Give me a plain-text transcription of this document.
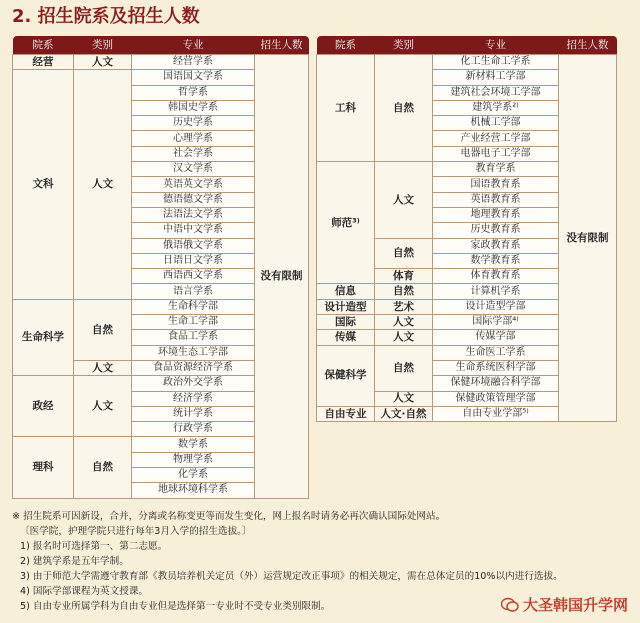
2. 招生院系及招生人数
院系	类别	专业	招生人数
经营	人文	经营学系	没有限制
文科	人文	国语国文学系	
		哲学系	
		韩国史学系	
		历史学系	
		心理学系	
		社会学系	
		汉文学系	
		英语英文学系	
		德语德文学系	
		法语法文学系	
		中语中文学系	
		俄语俄文学系	
		日语日文学系	
		西语西文学系	
		语言学系	
生命科学	自然	生命科学部	
		生命工学部	
		食品工学系	
		环境生态工学部	
	人文	食品资源经济学系	
政经	人文	政治外交学系	
		经济学系	
		统计学系	
		行政学系	
理科	自然	数学系	
		物理学系	
		化学系	
		地球环境科学系	
院系	类别	专业	招生人数
工科	自然	化工生命工学系	没有限制
		新材料工学部	
		建筑社会环境工学部	
		建筑学系²⁾	
		机械工学部	
		产业经营工学部	
		电器电子工学部	
师范³⁾	人文	教育学系	
		国语教育系	
		英语教育系	
		地理教育系	
		历史教育系	
	自然	家政教育系	
		数学教育系	
	体育	体育教育系	
信息	自然	计算机学系	
设计造型	艺术	设计造型学部	
国际	人文	国际学部⁴⁾	
传媒	人文	传媒学部	
保健科学	自然	生命医工学系	
		生命系统医科学部	
		保健环境融合科学部	
	人文	保健政策管理学部	
自由专业	人文·自然	自由专业学部⁵⁾	
※ 招生院系可因新设，合并，分离或名称变更等而发生变化，网上报名时请务必再次确认国际处网站。
〔医学院，护理学院只进行每年3月入学的招生选拔。〕
1) 报名时可选择第一、第二志愿。
2) 建筑学系是五年学制。
3) 由于师范大学需遵守教育部《教员培养机关定员（外）运营规定改正事项》的相关规定，需在总体定员的10%以内进行选拔。
4) 国际学部课程为英文授课。
5) 自由专业所属学科为自由专业但是选择第一专业时不受专业类别限制。	大圣韩国升学网
